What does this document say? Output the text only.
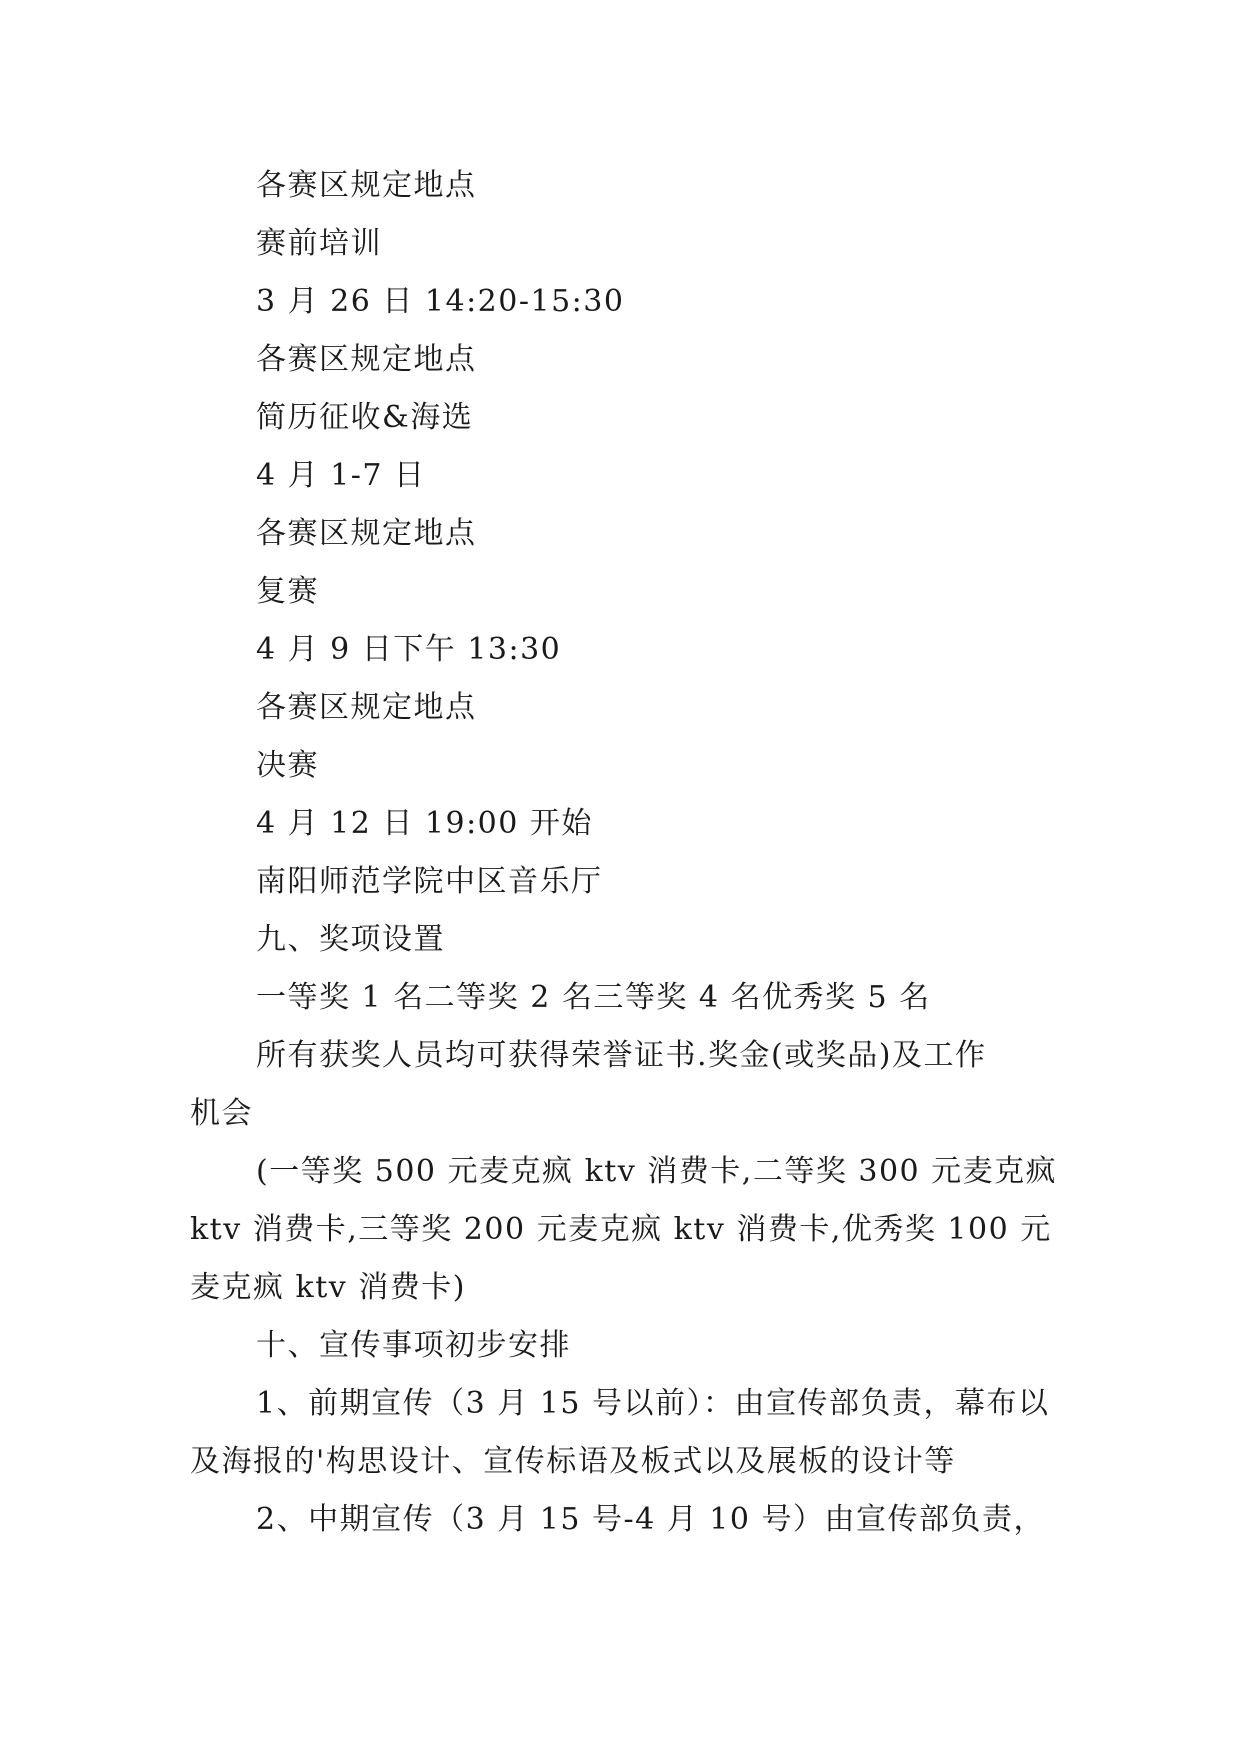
各赛区规定地点

赛前培训

3 月 26 日 14:20-15:30

各赛区规定地点

简历征收&海选

4 月 1-7 日

各赛区规定地点

复赛

4 月 9 日下午 13:30

各赛区规定地点

决赛

4 月 12 日 19:00 开始

南阳师范学院中区音乐厅

九、奖项设置

一等奖 1 名二等奖 2 名三等奖 4 名优秀奖 5 名

所有获奖人员均可获得荣誉证书.奖金(或奖品)及工作
机会
(一等奖 500 元麦克疯 ktv 消费卡,二等奖 300 元麦克疯
ktv 消费卡,三等奖 200 元麦克疯 ktv 消费卡,优秀奖 100 元
麦克疯 ktv 消费卡)
十、宣传事项初步安排
1、前期宣传（3 月 15 号以前）：由宣传部负责，幕布以
及海报的'构思设计、宣传标语及板式以及展板的设计等
2、中期宣传（3 月 15 号-4 月 10 号）由宣传部负责，
